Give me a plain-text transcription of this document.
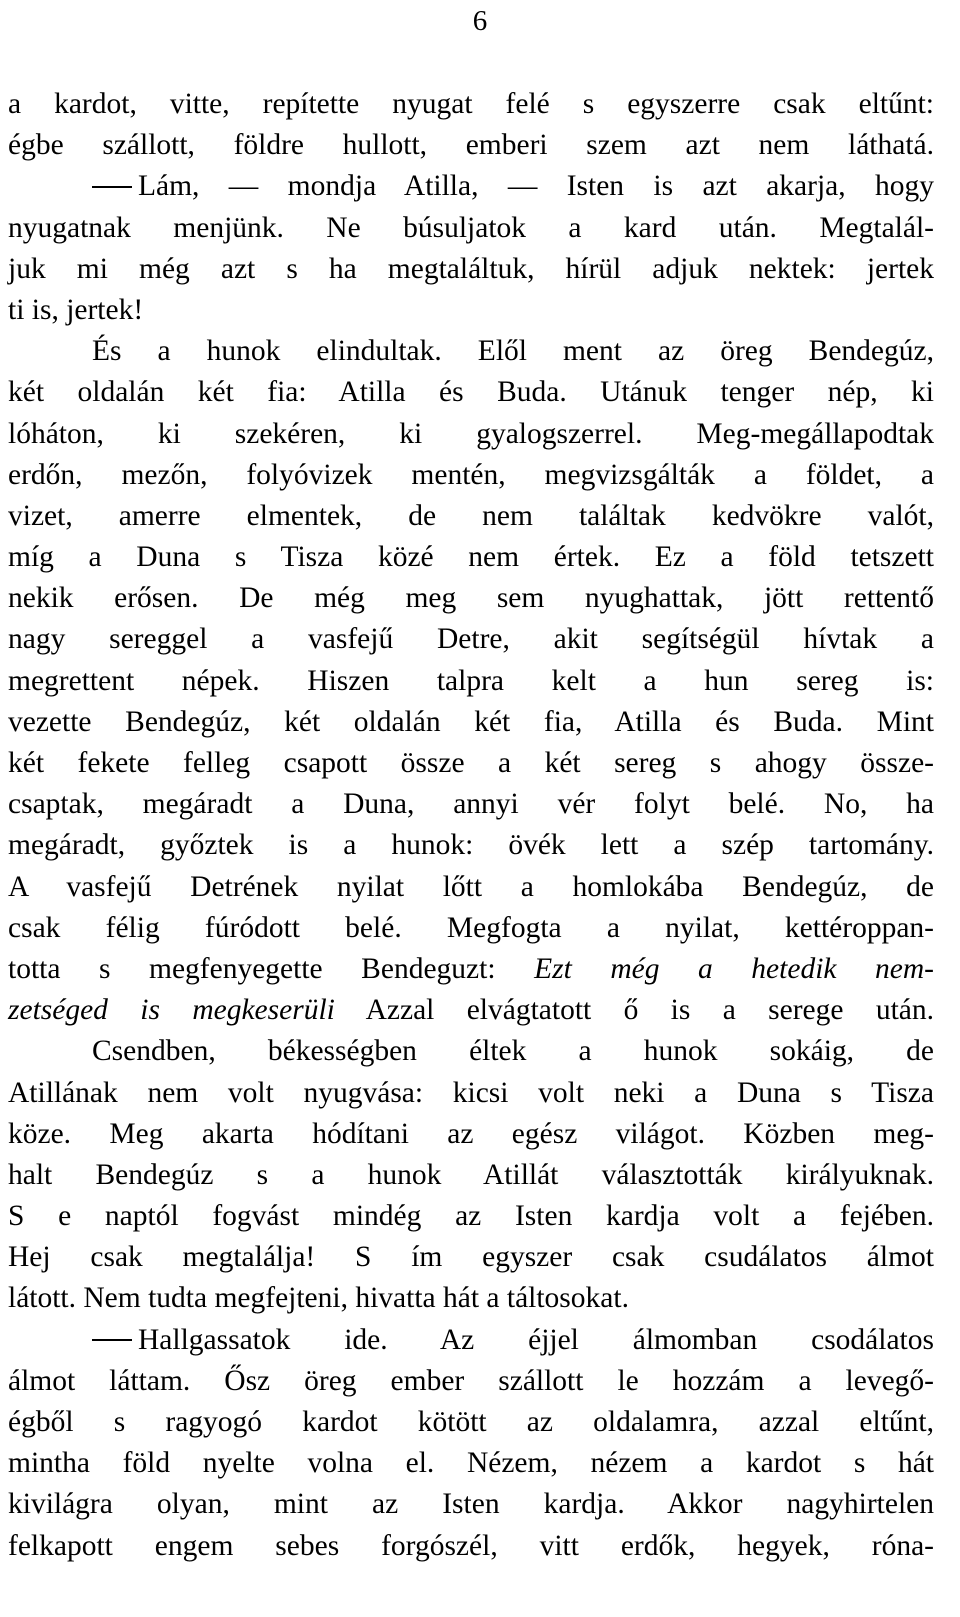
6
a kardot, vitte, repítette nyugat felé s egyszerre csak eltűnt:
égbe szállott, földre hullott, emberi szem azt nem láthatá.
Lám, — mondja Atilla, — Isten is azt akarja, hogy
nyugatnak menjünk. Ne búsuljatok a kard után. Megtalál-
juk mi még azt s ha megtaláltuk, hírül adjuk nektek: jertek
ti is, jertek!
És a hunok elindultak. Elől ment az öreg Bendegúz,
két oldalán két fia: Atilla és Buda. Utánuk tenger nép, ki
lóháton, ki szekéren, ki gyalogszerrel. Meg-megállapodtak
erdőn, mezőn, folyóvizek mentén, megvizsgálták a földet, a
vizet, amerre elmentek, de nem találtak kedvökre valót,
míg a Duna s Tisza közé nem értek. Ez a föld tetszett
nekik erősen. De még meg sem nyughattak, jött rettentő
nagy sereggel a vasfejű Detre, akit segítségül hívtak a
megrettent népek. Hiszen talpra kelt a hun sereg is:
vezette Bendegúz, két oldalán két fia, Atilla és Buda. Mint
két fekete felleg csapott össze a két sereg s ahogy össze-
csaptak, megáradt a Duna, annyi vér folyt belé. No, ha
megáradt, győztek is a hunok: övék lett a szép tartomány.
A vasfejű Detrének nyilat lőtt a homlokába Bendegúz, de
csak félig fúródott belé. Megfogta a nyilat, kettéroppan-
totta s megfenyegette Bendeguzt: Ezt még a hetedik nem-
zetséged is megkeserüli Azzal elvágtatott ő is a serege után.
Csendben, békességben éltek a hunok sokáig, de
Atillának nem volt nyugvása: kicsi volt neki a Duna s Tisza
köze. Meg akarta hódítani az egész világot. Közben meg-
halt Bendegúz s a hunok Atillát választották királyuknak.
S e naptól fogvást mindég az Isten kardja volt a fejében.
Hej csak megtalálja! S ím egyszer csak csudálatos álmot
látott. Nem tudta megfejteni, hivatta hát a táltosokat.
Hallgassatok ide. Az éjjel álmomban csodálatos
álmot láttam. Ősz öreg ember szállott le hozzám a levegő-
égből s ragyogó kardot kötött az oldalamra, azzal eltűnt,
mintha föld nyelte volna el. Nézem, nézem a kardot s hát
kivilágra olyan, mint az Isten kardja. Akkor nagyhirtelen
felkapott engem sebes forgószél, vitt erdők, hegyek, róna-
